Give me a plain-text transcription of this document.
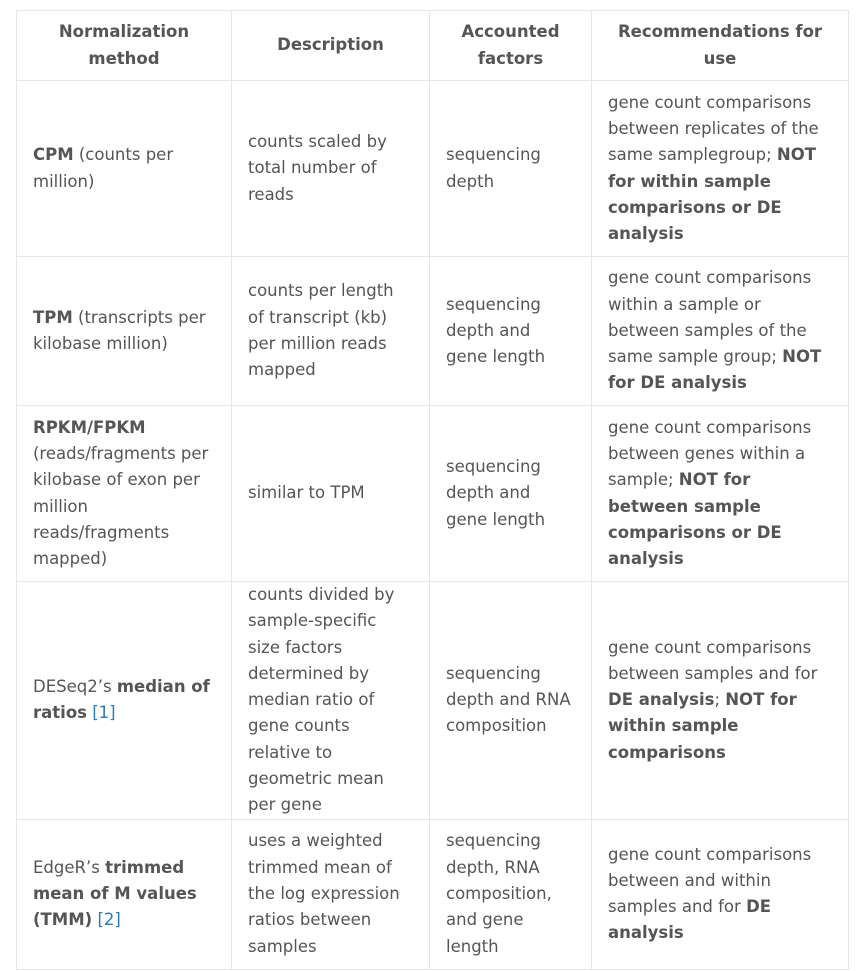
Normalization method	Description	Accounted factors	Recommendations for use
CPM (counts per million)	counts scaled by total number of reads	sequencing depth	gene count comparisons between replicates of the same samplegroup; NOT for within sample comparisons or DE analysis
TPM (transcripts per kilobase million)	counts per length of transcript (kb) per million reads mapped	sequencing depth and gene length	gene count comparisons within a sample or between samples of the same sample group; NOT for DE analysis
RPKM/FPKM (reads/fragments per kilobase of exon per million reads/fragments mapped)	similar to TPM	sequencing depth and gene length	gene count comparisons between genes within a sample; NOT for between sample comparisons or DE analysis
DESeq2’s median of ratios [1]	counts divided by sample-specific size factors determined by median ratio of gene counts relative to geometric mean per gene	sequencing depth and RNA composition	gene count comparisons between samples and for DE analysis; NOT for within sample comparisons
EdgeR’s trimmed mean of M values (TMM) [2]	uses a weighted trimmed mean of the log expression ratios between samples	sequencing depth, RNA composition, and gene length	gene count comparisons between and within samples and for DE analysis
